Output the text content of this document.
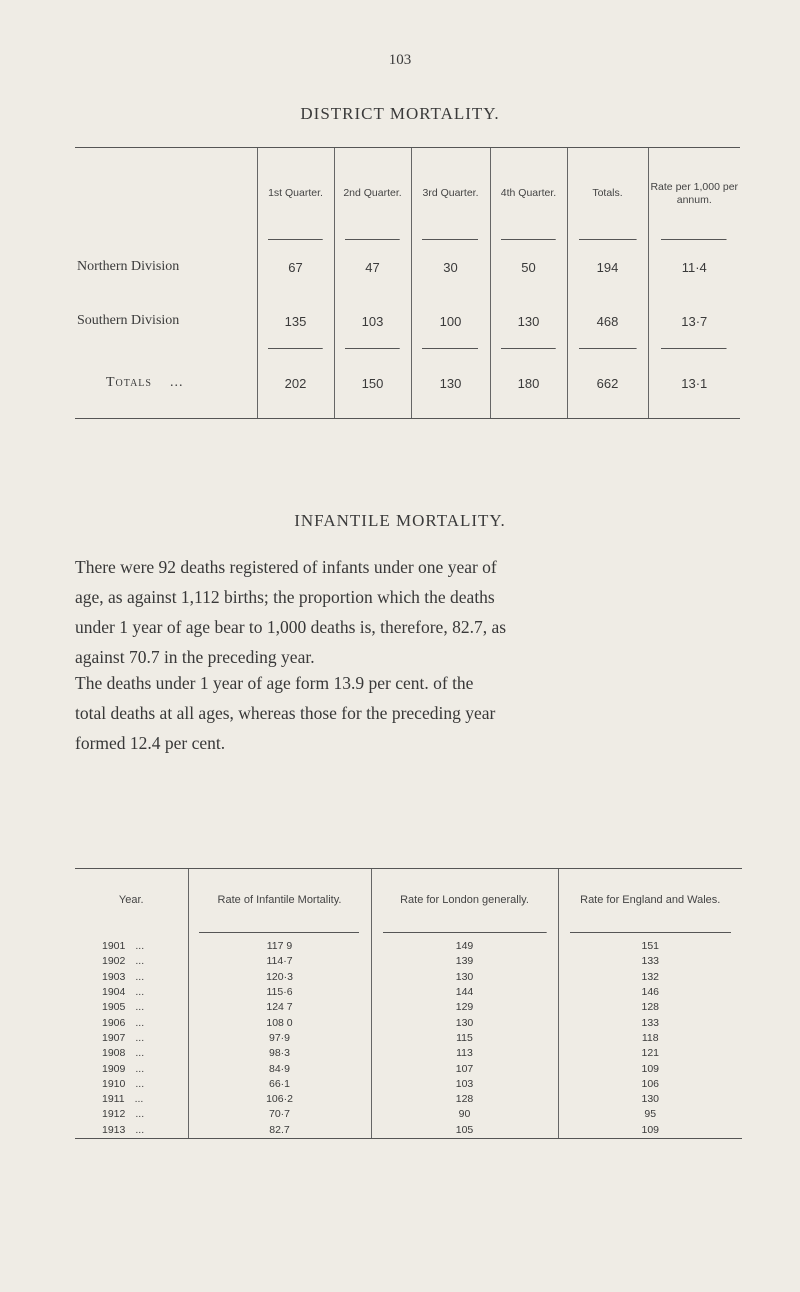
103
DISTRICT MORTALITY.
	1st Quarter.	2nd Quarter.	3rd Quarter.	4th Quarter.	Totals.	Rate per 1,000 per annum.
Northern Division	67	47	30	50	194	11·4
Southern Division	135	103	100	130	468	13·7
Totals ...	202	150	130	180	662	13·1
INFANTILE MORTALITY.
There were 92 deaths registered of infants under one year of
age, as against 1,112 births; the proportion which the deaths
under 1 year of age bear to 1,000 deaths is, therefore, 82.7, as
against 70.7 in the preceding year.
The deaths under 1 year of age form 13.9 per cent. of the
total deaths at all ages, whereas those for the preceding year
formed 12.4 per cent.
Year.	Rate of Infantile Mortality.	Rate for London generally.	Rate for England and Wales.
1901 ...	117 9	149	151
1902 ...	114·7	139	133
1903 ...	120·3	130	132
1904 ...	115·6	144	146
1905 ...	124 7	129	128
1906 ...	108 0	130	133
1907 ...	97·9	115	118
1908 ...	98·3	113	121
1909 ...	84·9	107	109
1910 ...	66·1	103	106
1911 ...	106·2	128	130
1912 ...	70·7	90	95
1913 ...	82.7	105	109
